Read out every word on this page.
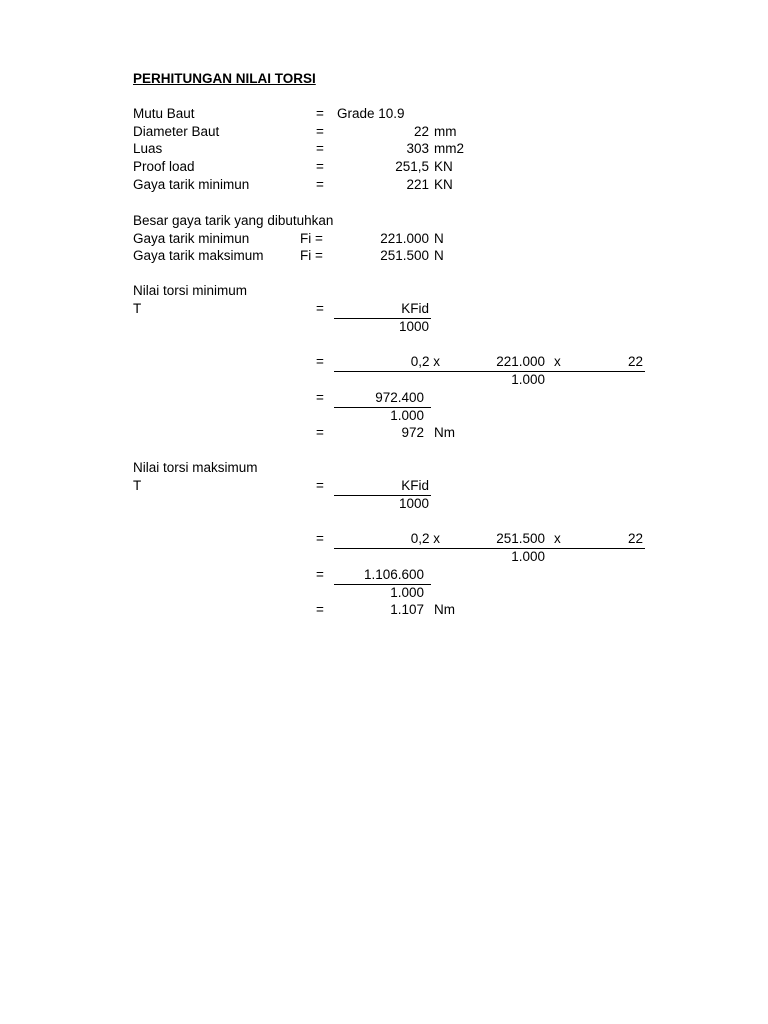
PERHITUNGAN NILAI TORSI
Mutu Baut	= Grade 10.9
Diameter Baut	=	22 mm
Luas	=	303 mm2
Proof load	=	251,5 KN
Gaya tarik minimun	=	221 KN
Besar gaya tarik yang dibutuhkan
Gaya tarik minimun	Fi =	221.000 N
Gaya tarik maksimum	Fi =	251.500 N
Nilai torsi minimum
T	=	KFid
1000
=	0,2 x	221.000 x	22
1.000
=	972.400
1.000
=	972 Nm
Nilai torsi maksimum
T	=	KFid
1000
=	0,2 x	251.500 x	22
1.000
=	1.106.600
1.000
=	1.107 Nm
